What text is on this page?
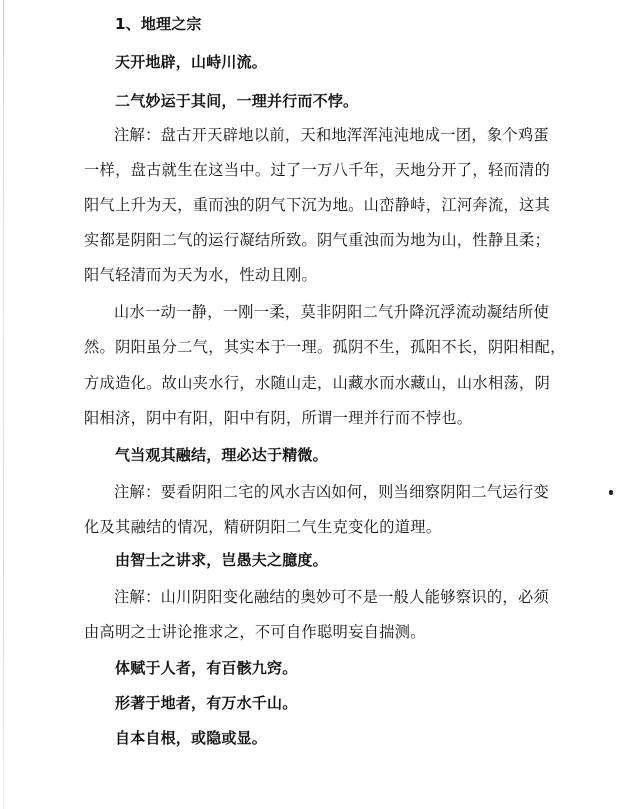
1、地理之宗
天开地辟，山峙川流。
二气妙运于其间，一理并行而不悖。
注解：盘古开天辟地以前，天和地浑浑沌沌地成一团，象个鸡蛋
一样，盘古就生在这当中。过了一万八千年，天地分开了，轻而清的
阳气上升为天，重而浊的阴气下沉为地。山峦静峙，江河奔流，这其
实都是阴阳二气的运行凝结所致。阴气重浊而为地为山，性静且柔；
阳气轻清而为天为水，性动且刚。
山水一动一静，一刚一柔，莫非阴阳二气升降沉浮流动凝结所使
然。阴阳虽分二气，其实本于一理。孤阴不生，孤阳不长，阴阳相配，
方成造化。故山夹水行，水随山走，山藏水而水藏山，山水相荡，阴
阳相济，阴中有阳，阳中有阴，所谓一理并行而不悖也。
气当观其融结，理必达于精微。
注解：要看阴阳二宅的风水吉凶如何，则当细察阴阳二气运行变
化及其融结的情况，精研阴阳二气生克变化的道理。
由智士之讲求，岂愚夫之臆度。
注解：山川阴阳变化融结的奥妙可不是一般人能够察识的，必须
由高明之士讲论推求之，不可自作聪明妄自揣测。
体赋于人者，有百骸九窍。
形著于地者，有万水千山。
自本自根，或隐或显。
